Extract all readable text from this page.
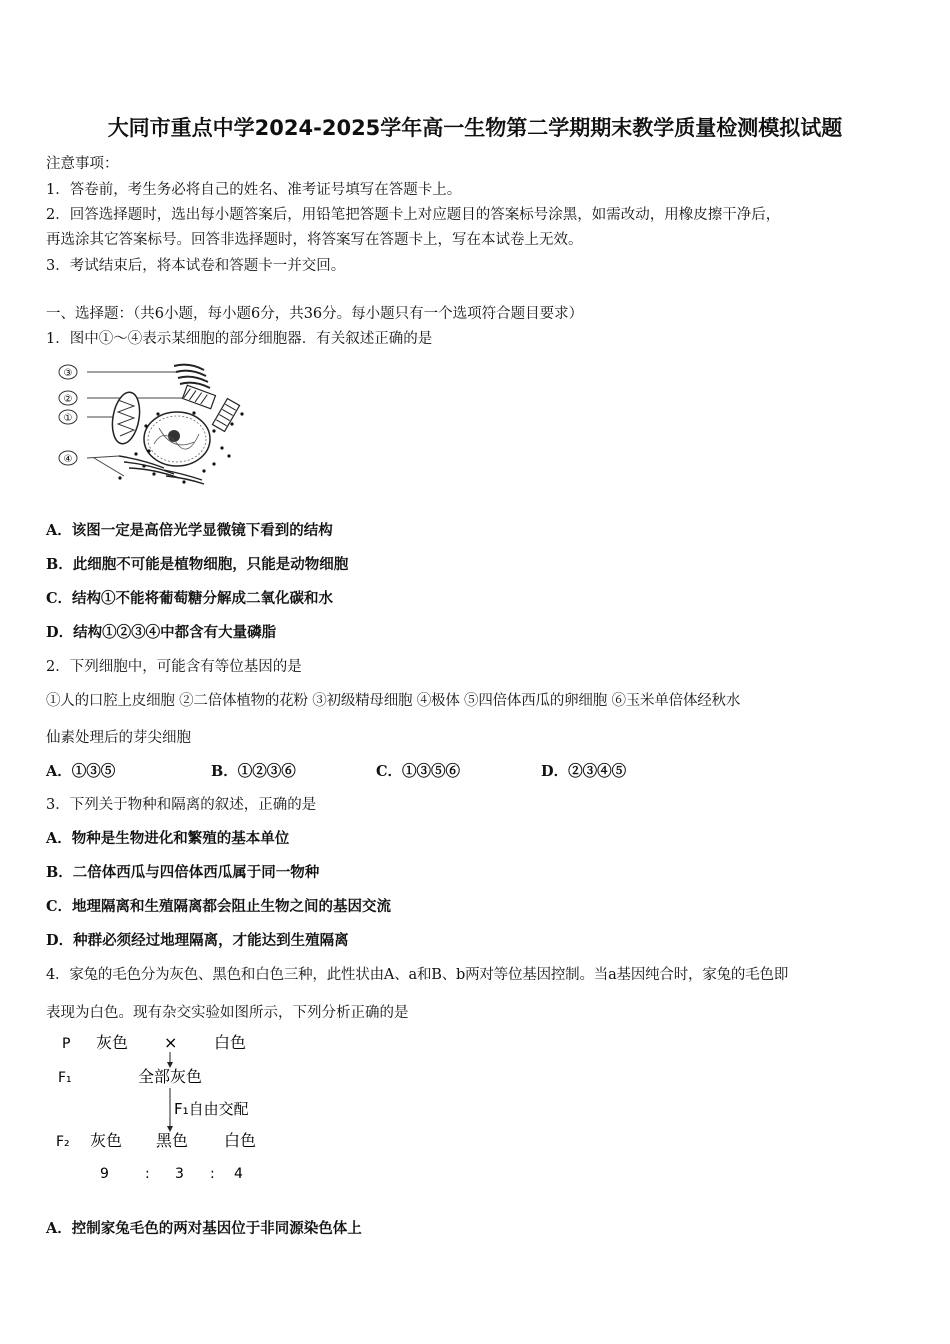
大同市重点中学2024-2025学年高一生物第二学期期末教学质量检测模拟试题
注意事项：
1．答卷前，考生务必将自己的姓名、准考证号填写在答题卡上。
2．回答选择题时，选出每小题答案后，用铅笔把答题卡上对应题目的答案标号涂黑，如需改动，用橡皮擦干净后，
再选涂其它答案标号。回答非选择题时，将答案写在答题卡上，写在本试卷上无效。
3．考试结束后，将本试卷和答题卡一并交回。
一、选择题：（共6小题，每小题6分，共36分。每小题只有一个选项符合题目要求）
1．图中①～④表示某细胞的部分细胞器．有关叙述正确的是
③
②
①
④
A．该图一定是高倍光学显微镜下看到的结构
B．此细胞不可能是植物细胞，只能是动物细胞
C．结构①不能将葡萄糖分解成二氧化碳和水
D．结构①②③④中都含有大量磷脂
2．下列细胞中，可能含有等位基因的是
①人的口腔上皮细胞 ②二倍体植物的花粉 ③初级精母细胞 ④极体 ⑤四倍体西瓜的卵细胞 ⑥玉米单倍体经秋水
仙素处理后的芽尖细胞
A．①③⑤	B．①②③⑥	C．①③⑤⑥	D．②③④⑤
3．下列关于物种和隔离的叙述，正确的是
A．物种是生物进化和繁殖的基本单位
B．二倍体西瓜与四倍体西瓜属于同一物种
C．地理隔离和生殖隔离都会阻止生物之间的基因交流
D．种群必须经过地理隔离，才能达到生殖隔离
4．家兔的毛色分为灰色、黑色和白色三种，此性状由A、a和B、b两对等位基因控制。当a基因纯合时，家兔的毛色即
表现为白色。现有杂交实验如图所示，下列分析正确的是
P 灰色 × 白色
F₁	全部灰色
F₁自由交配
F₂ 灰色 黑色 白色
9	: 3 : 4
A．控制家兔毛色的两对基因位于非同源染色体上
